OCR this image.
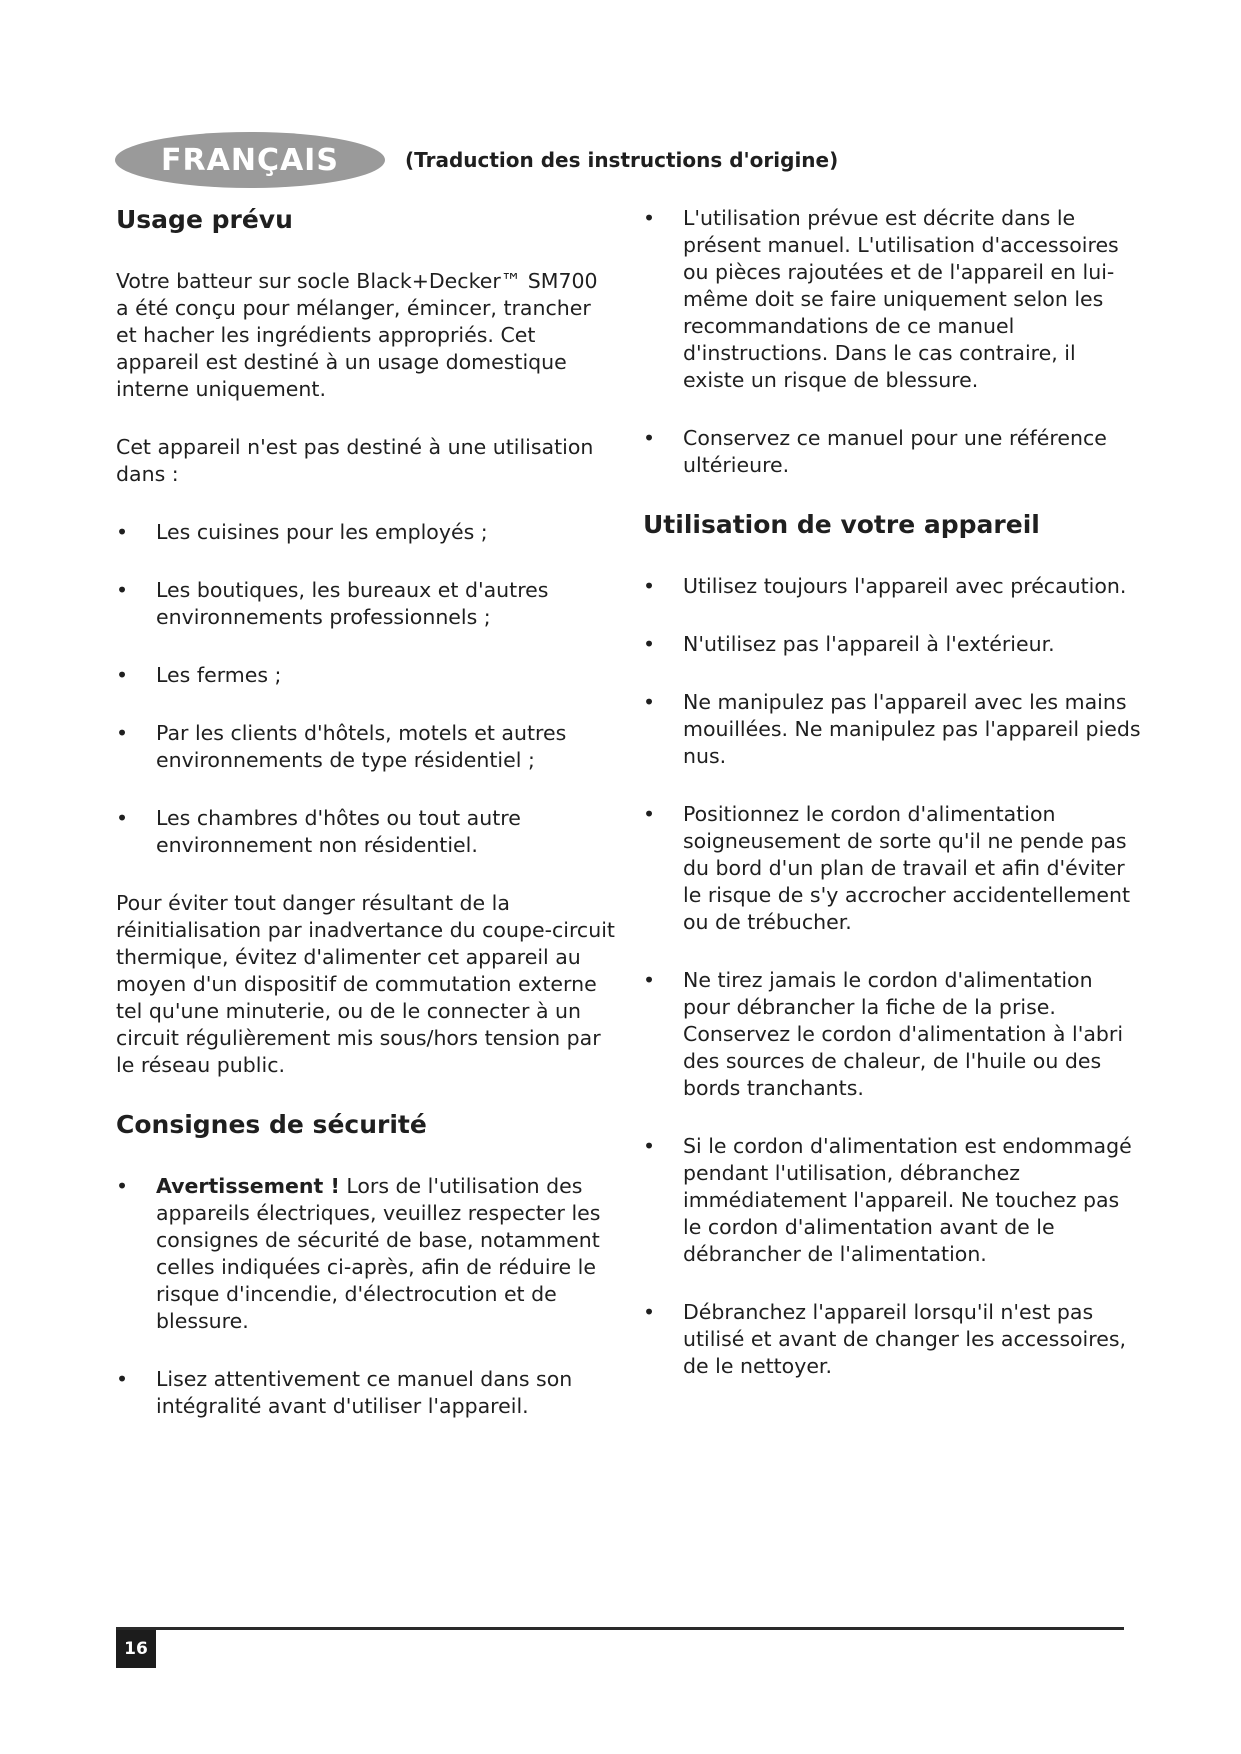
FRANÇAIS	(Traduction des instructions d'origine)
Usage prévu

Votre batteur sur socle Black+Decker™ SM700 a été conçu pour mélanger, émincer, trancher et hacher les ingrédients appropriés. Cet appareil est destiné à un usage domestique interne uniquement.

Cet appareil n'est pas destiné à une utilisation dans :

• Les cuisines pour les employés ;
• Les boutiques, les bureaux et d'autres environnements professionnels ;
• Les fermes ;
• Par les clients d'hôtels, motels et autres environnements de type résidentiel ;
• Les chambres d'hôtes ou tout autre environnement non résidentiel.

Pour éviter tout danger résultant de la réinitialisation par inadvertance du coupe-circuit thermique, évitez d'alimenter cet appareil au moyen d'un dispositif de commutation externe tel qu'une minuterie, ou de le connecter à un circuit régulièrement mis sous/hors tension par le réseau public.

Consignes de sécurité
• Avertissement ! Lors de l'utilisation des appareils électriques, veuillez respecter les consignes de sécurité de base, notamment celles indiquées ci-après, afin de réduire le risque d'incendie, d'électrocution et de blessure.
• Lisez attentivement ce manuel dans son intégralité avant d'utiliser l'appareil.
• L'utilisation prévue est décrite dans le présent manuel. L'utilisation d'accessoires ou pièces rajoutées et de l'appareil en lui-même doit se faire uniquement selon les recommandations de ce manuel d'instructions. Dans le cas contraire, il existe un risque de blessure.
• Conservez ce manuel pour une référence ultérieure.
Utilisation de votre appareil
• Utilisez toujours l'appareil avec précaution.
• N'utilisez pas l'appareil à l'extérieur.
• Ne manipulez pas l'appareil avec les mains mouillées. Ne manipulez pas l'appareil pieds nus.
• Positionnez le cordon d'alimentation soigneusement de sorte qu'il ne pende pas du bord d'un plan de travail et afin d'éviter le risque de s'y accrocher accidentellement ou de trébucher.
• Ne tirez jamais le cordon d'alimentation pour débrancher la fiche de la prise. Conservez le cordon d'alimentation à l'abri des sources de chaleur, de l'huile ou des bords tranchants.
• Si le cordon d'alimentation est endommagé pendant l'utilisation, débranchez immédiatement l'appareil. Ne touchez pas le cordon d'alimentation avant de le débrancher de l'alimentation.
• Débranchez l'appareil lorsqu'il n'est pas utilisé et avant de changer les accessoires, de le nettoyer.
16
